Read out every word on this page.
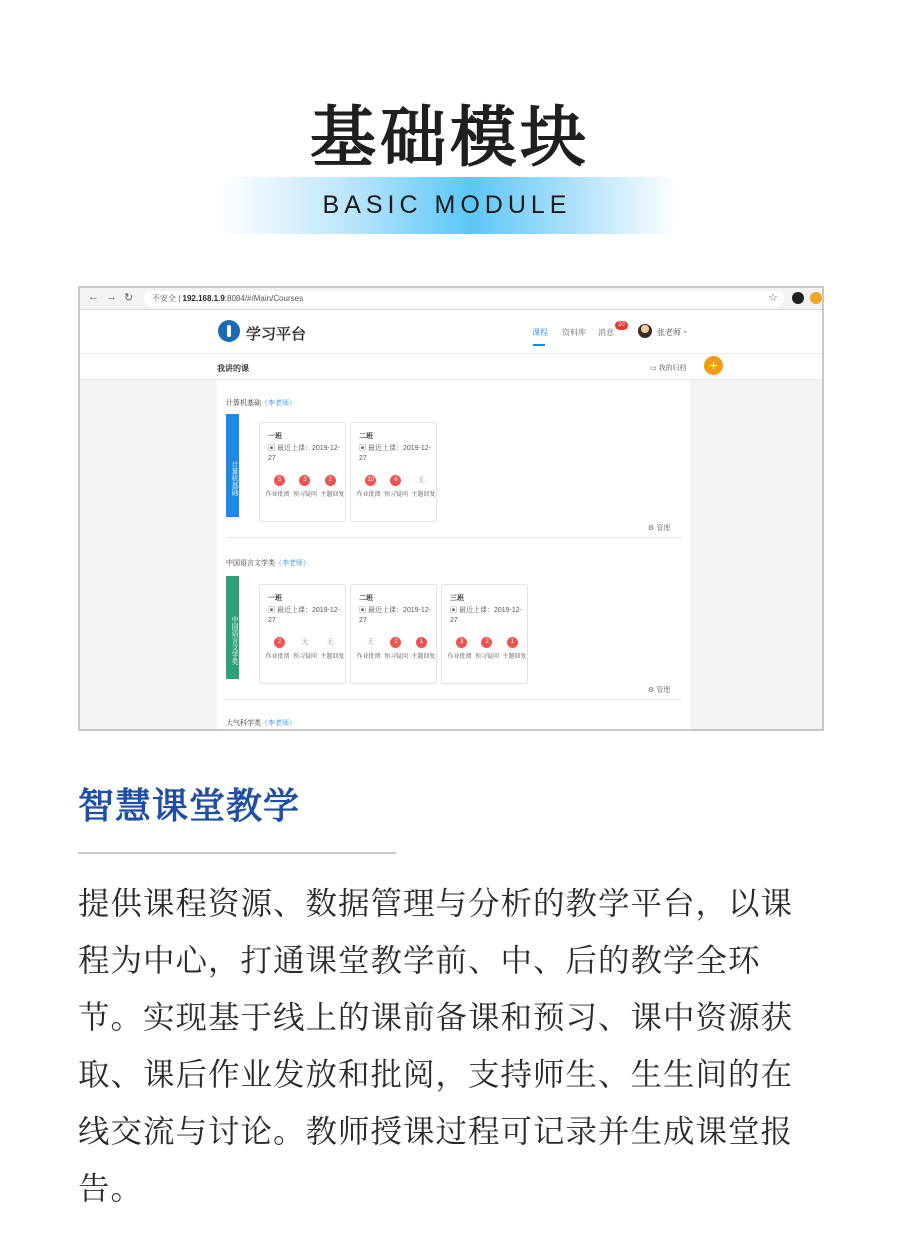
基础模块
BASIC MODULE
← → ↻	不安全 | 192.168.1.9:8084/#/Main/Courses	☆
学习平台	课程 资料库 消息
20
张老师 ⌄
我讲的课	▭ 我的归档	+
计算机基础（李老师）
计算机基础
一班
▣ 最近上课：2019-12-27
5	3	2
作业批阅 预习疑问 主题回复
二班
▣ 最近上课：2019-12-27
10	6	无
作业批阅 预习疑问 主题回复
⚙ 管理
中国语言文学类（李老师）
中国语言文学类
一班
▣ 最近上课：2019-12-27
2	无	无
作业批阅 预习疑问 主题回复
二班
▣ 最近上课：2019-12-27
无	2	1
作业批阅 预习疑问 主题回复
三班
▣ 最近上课：2019-12-27
3	2	1
作业批阅 预习疑问 主题回复
⚙ 管理
大气科学类（李老师）
智慧课堂教学
提供课程资源、数据管理与分析的教学平台，以课程为中心，打通课堂教学前、中、后的教学全环节。实现基于线上的课前备课和预习、课中资源获取、课后作业发放和批阅，支持师生、生生间的在线交流与讨论。教师授课过程可记录并生成课堂报告。
